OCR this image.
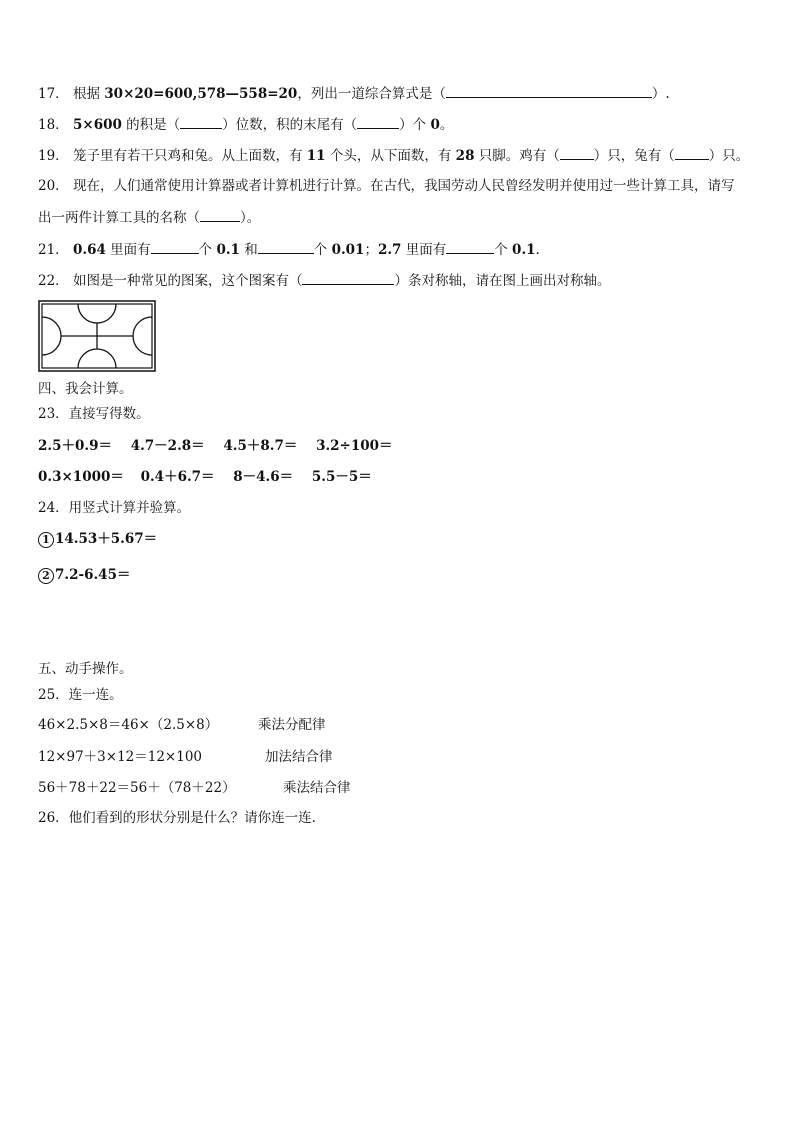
17． 根据 30×20=600,578—558=20，列出一道综合算式是（	）.
18． 5×600 的积是（	）位数，积的末尾有（	）个 0。
19． 笼子里有若干只鸡和兔。从上面数，有 11 个头，从下面数，有 28 只脚。鸡有（	）只，兔有（	）只。
20． 现在，人们通常使用计算器或者计算机进行计算。在古代，我国劳动人民曾经发明并使用过一些计算工具，请写
出一两件计算工具的名称（	）。
21． 0.64 里面有	个 0.1 和	个 0.01；2.7 里面有	个 0.1.
22． 如图是一种常见的图案，这个图案有（	）条对称轴，请在图上画出对称轴。
四、我会计算。
23．直接写得数。
2.5＋0.9＝ 4.7－2.8＝ 4.5＋8.7＝ 3.2÷100＝
0.3×1000＝ 0.4＋6.7＝ 8－4.6＝ 5.5－5＝
24．用竖式计算并验算。
1 14.53＋5.67＝
2 7.2-6.45＝
五、动手操作。
25．连一连。
46×2.5×8＝46×（2.5×8）	乘法分配律
12×97＋3×12＝12×100	加法结合律
56＋78＋22＝56＋（78＋22）	乘法结合律
26．他们看到的形状分别是什么？请你连一连.
